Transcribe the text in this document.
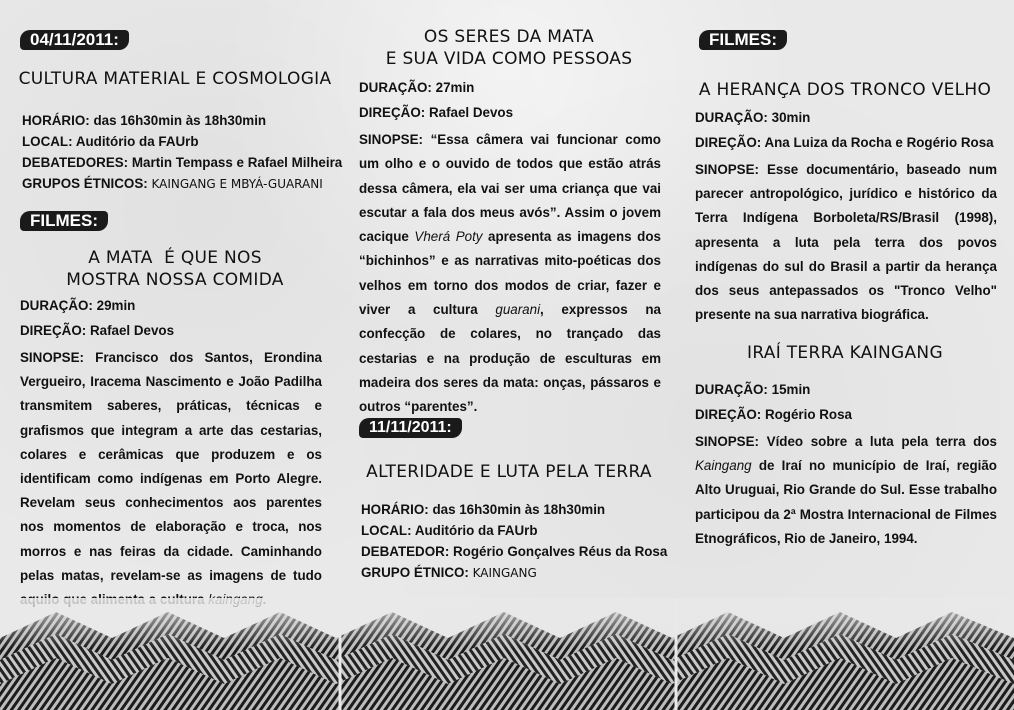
04/11/2011:
CULTURA MATERIAL E COSMOLOGIA
HORÁRIO: das 16h30min às 18h30min
LOCAL: Auditório da FAUrb
DEBATEDORES: Martin Tempass e Rafael Milheira
GRUPOS ÉTNICOS: KAINGANG E MBYÁ-GUARANI
FILMES:
A MATA  É QUE NOS
MOSTRA NOSSA COMIDA
DURAÇÃO: 29min
DIREÇÃO: Rafael Devos

SINOPSE: Francisco dos Santos, Erondina Vergueiro, Iracema Nascimento e João Padilha transmitem saberes, práticas, técnicas e grafismos que integram a arte das cestarias, colares e cerâmicas que produzem e os identificam como indígenas em Porto Alegre. Revelam seus conhecimentos aos parentes nos momentos de elaboração e troca, nos morros e nas feiras da cidade. Caminhando pelas matas, revelam-se as imagens de tudo

OS SERES DA MATA
E SUA VIDA COMO PESSOAS
DURAÇÃO: 27min
DIREÇÃO: Rafael Devos

SINOPSE: “Essa câmera vai funcionar como um olho e o ouvido de todos que estão atrás dessa câmera, ela vai ser uma criança que vai escutar a fala dos meus avós”. Assim o jovem cacique Vherá Poty apresenta as imagens dos “bichinhos” e as narrativas mito-poéticas dos velhos em torno dos modos de criar, fazer e viver a cultura guarani, expressos na confecção de colares, no trançado das cestarias e na produção de esculturas em madeira dos seres da mata: onças, pássaros e outros “parentes”.

11/11/2011:
ALTERIDADE E LUTA PELA TERRA
HORÁRIO: das 16h30min às 18h30min
LOCAL: Auditório da FAUrb
DEBATEDOR: Rogério Gonçalves Réus da Rosa
GRUPO ÉTNICO: KAINGANG
FILMES:
A HERANÇA DOS TRONCO VELHO
DURAÇÃO: 30min
DIREÇÃO: Ana Luiza da Rocha e Rogério Rosa

SINOPSE: Esse documentário, baseado num parecer antropológico, jurídico e histórico da Terra Indígena Borboleta/RS/Brasil (1998), apresenta a luta pela terra dos povos indígenas do sul do Brasil a partir da herança dos seus antepassados os "Tronco Velho" presente na sua narrativa biográfica.

IRAÍ TERRA KAINGANG
DURAÇÃO: 15min
DIREÇÃO: Rogério Rosa

SINOPSE: Vídeo sobre a luta pela terra dos Kaingang de Iraí no município de Iraí, região Alto Uruguai, Rio Grande do Sul. Esse trabalho participou da 2ª Mostra Internacional de Filmes Etnográficos, Rio de Janeiro, 1994.
